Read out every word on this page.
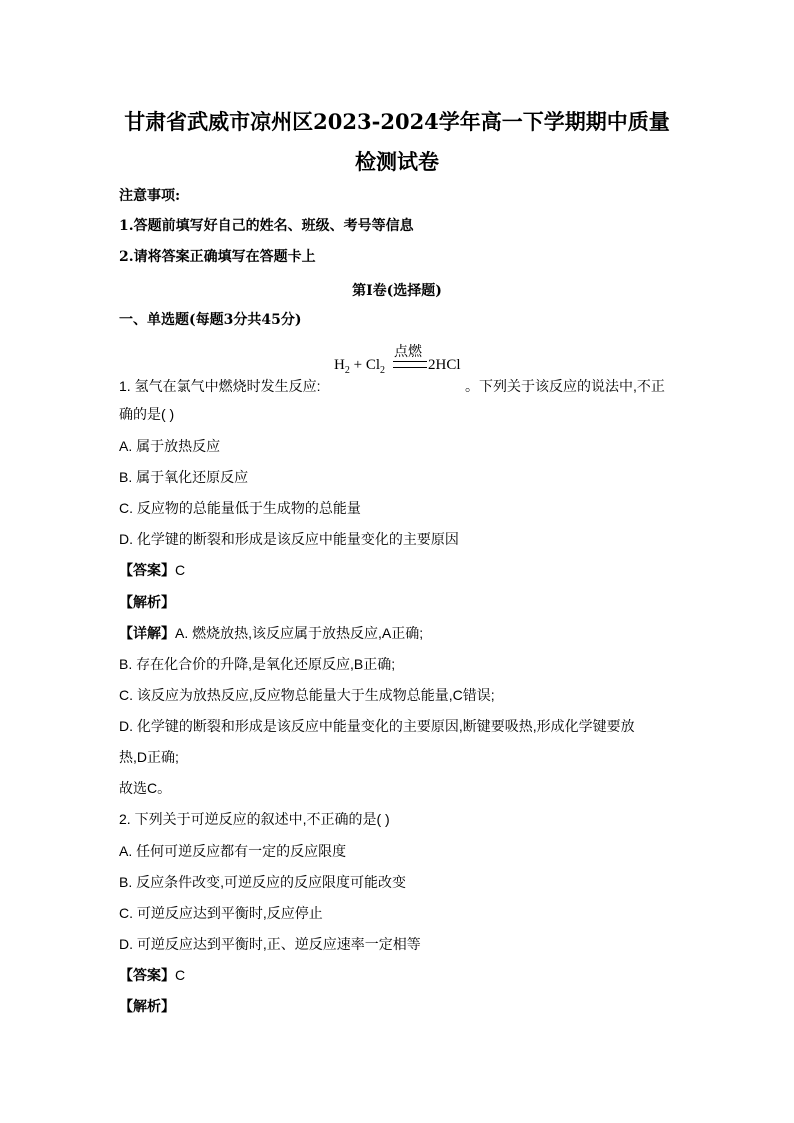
甘肃省武威市凉州区2023-2024学年高一下学期期中质量
检测试卷
注意事项:
1.答题前填写好自己的姓名、班级、考号等信息
2.请将答案正确填写在答题卡上
第I卷(选择题)
一、单选题(每题3分共45分)
$H_2 + Cl_2$
点燃
2HCl
1. 氢气在氯气中燃烧时发生反应:	。下列关于该反应的说法中,不正
确的是( )
A. 属于放热反应
B. 属于氧化还原反应
C. 反应物的总能量低于生成物的总能量
D. 化学键的断裂和形成是该反应中能量变化的主要原因
【答案】C
【解析】
【详解】A. 燃烧放热,该反应属于放热反应,A正确;
B. 存在化合价的升降,是氧化还原反应,B正确;
C. 该反应为放热反应,反应物总能量大于生成物总能量,C错误;
D. 化学键的断裂和形成是该反应中能量变化的主要原因,断键要吸热,形成化学键要放
热,D正确;
故选C。
2. 下列关于可逆反应的叙述中,不正确的是( )
A. 任何可逆反应都有一定的反应限度
B. 反应条件改变,可逆反应的反应限度可能改变
C. 可逆反应达到平衡时,反应停止
D. 可逆反应达到平衡时,正、逆反应速率一定相等
【答案】C
【解析】
